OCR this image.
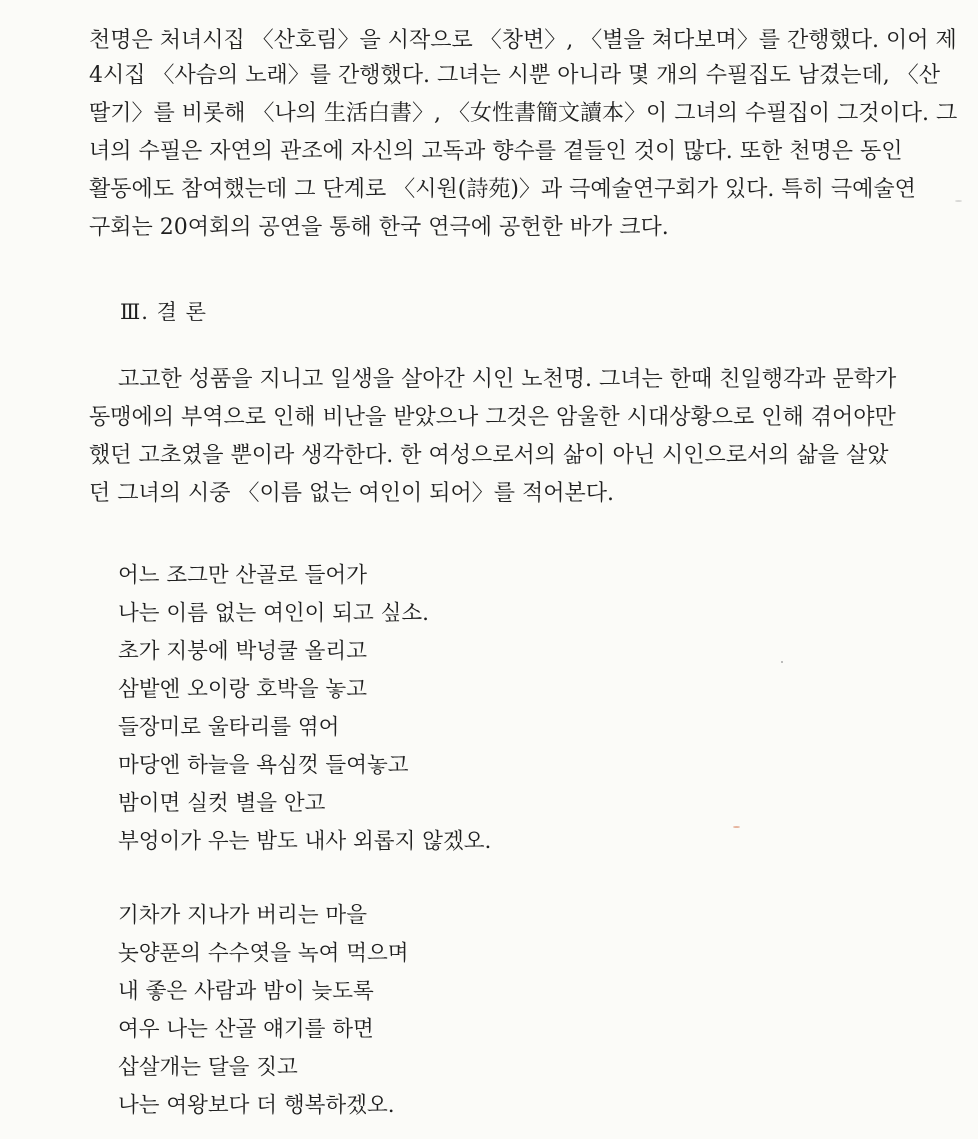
천명은 처녀시집 〈산호림〉을 시작으로 〈창변〉, 〈별을 쳐다보며〉를 간행했다. 이어 제
4시집 〈사슴의 노래〉를 간행했다. 그녀는 시뿐 아니라 몇 개의 수필집도 남겼는데, 〈산
딸기〉를 비롯해 〈나의 生活白書〉, 〈女性書簡文讀本〉이 그녀의 수필집이 그것이다. 그
녀의 수필은 자연의 관조에 자신의 고독과 향수를 곁들인 것이 많다. 또한 천명은 동인
활동에도 참여했는데 그 단계로 〈시원(詩苑)〉과 극예술연구회가 있다. 특히 극예술연
구회는 20여회의 공연을 통해 한국 연극에 공헌한 바가 크다.
Ⅲ. 결 론
고고한 성품을 지니고 일생을 살아간 시인 노천명. 그녀는 한때 친일행각과 문학가
동맹에의 부역으로 인해 비난을 받았으나 그것은 암울한 시대상황으로 인해 겪어야만
했던 고초였을 뿐이라 생각한다. 한 여성으로서의 삶이 아닌 시인으로서의 삶을 살았
던 그녀의 시중 〈이름 없는 여인이 되어〉를 적어본다.
어느 조그만 산골로 들어가
나는 이름 없는 여인이 되고 싶소.
초가 지붕에 박넝쿨 올리고
삼밭엔 오이랑 호박을 놓고
들장미로 울타리를 엮어
마당엔 하늘을 욕심껏 들여놓고
밤이면 실컷 별을 안고
부엉이가 우는 밤도 내사 외롭지 않겠오.
기차가 지나가 버리는 마을
놋양푼의 수수엿을 녹여 먹으며
내 좋은 사람과 밤이 늦도록
여우 나는 산골 얘기를 하면
삽살개는 달을 짓고
나는 여왕보다 더 행복하겠오.
